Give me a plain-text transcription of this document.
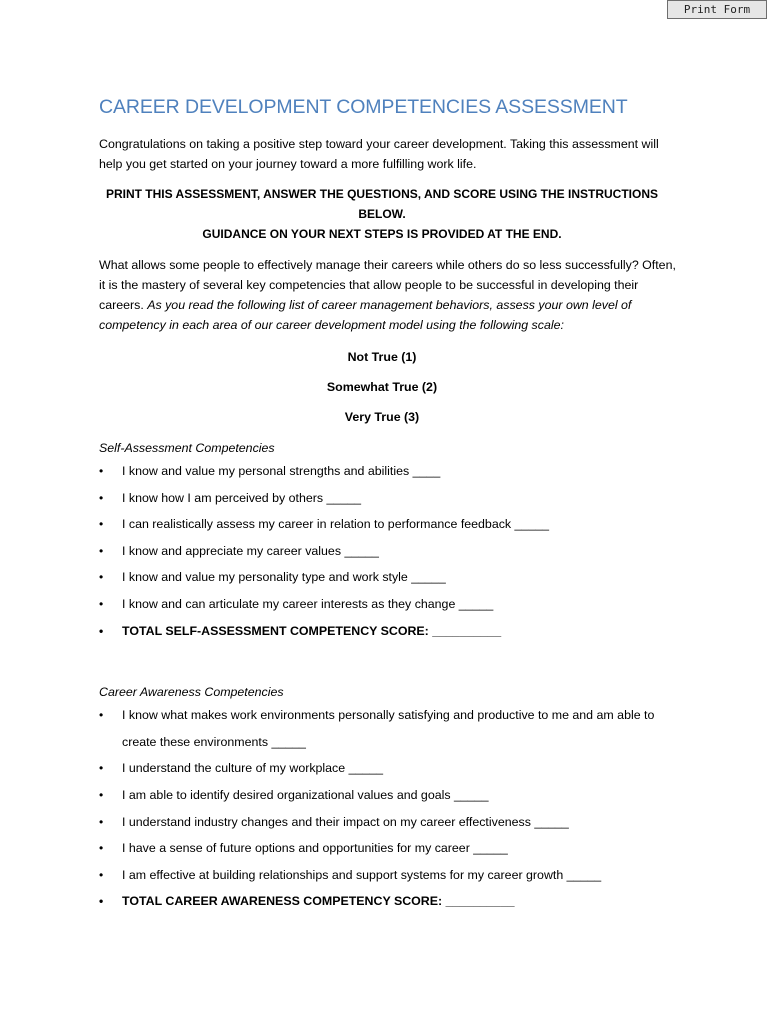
Print Form
CAREER DEVELOPMENT COMPETENCIES ASSESSMENT

Congratulations on taking a positive step toward your career development. Taking this assessment will help you get started on your journey toward a more fulfilling work life.

PRINT THIS ASSESSMENT, ANSWER THE QUESTIONS, AND SCORE USING THE INSTRUCTIONS BELOW.
GUIDANCE ON YOUR NEXT STEPS IS PROVIDED AT THE END.

What allows some people to effectively manage their careers while others do so less successfully? Often, it is the mastery of several key competencies that allow people to be successful in developing their careers. As you read the following list of career management behaviors, assess your own level of competency in each area of our career development model using the following scale:

Not True (1)
Somewhat True (2)
Very True (3)
Self-Assessment Competencies
• I know and value my personal strengths and abilities ____
• I know how I am perceived by others _____
• I can realistically assess my career in relation to performance feedback _____
• I know and appreciate my career values _____
• I know and value my personality type and work style _____
• I know and can articulate my career interests as they change _____
• TOTAL SELF-ASSESSMENT COMPETENCY SCORE: __________
Career Awareness Competencies
• I know what makes work environments personally satisfying and productive to me and am able to create these environments _____
• I understand the culture of my workplace _____
• I am able to identify desired organizational values and goals _____
• I understand industry changes and their impact on my career effectiveness _____
• I have a sense of future options and opportunities for my career _____
• I am effective at building relationships and support systems for my career growth _____
• TOTAL CAREER AWARENESS COMPETENCY SCORE: __________
